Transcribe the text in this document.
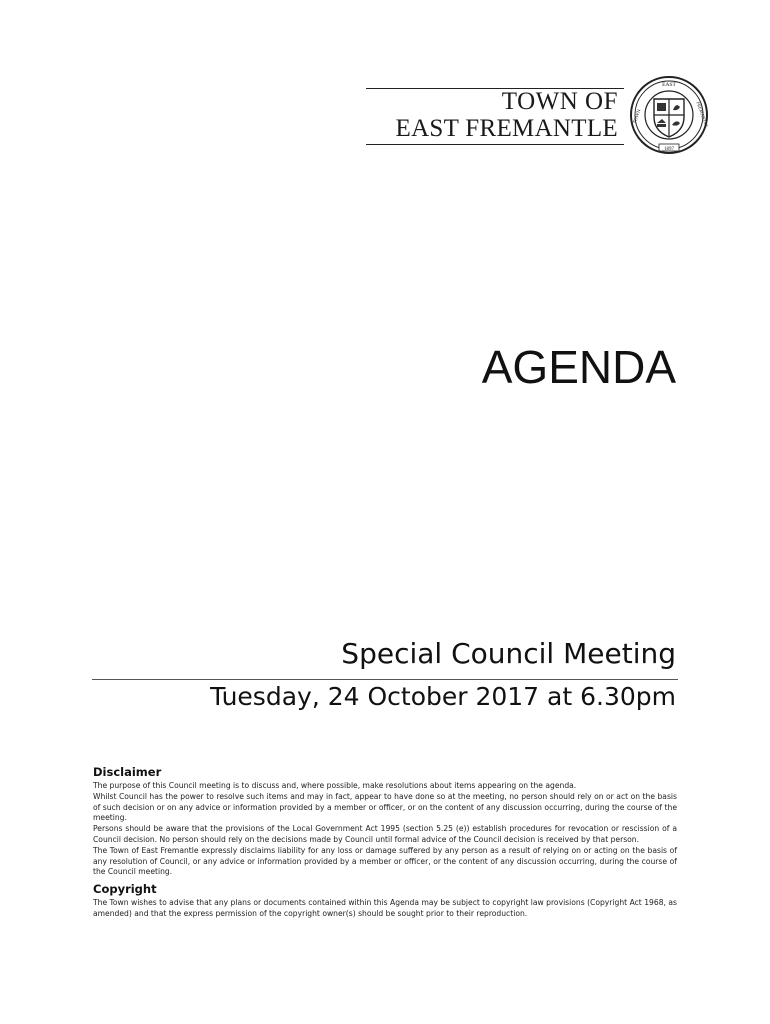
TOWN OF
EAST FREMANTLE
EAST
TOWN	FREMANTLE
1897
AGENDA
Special Council Meeting
Tuesday, 24 October 2017 at 6.30pm
Disclaimer

The purpose of this Council meeting is to discuss and, where possible, make resolutions about items appearing on the agenda.

Whilst Council has the power to resolve such items and may in fact, appear to have done so at the meeting, no person should rely on or act on the basis of such decision or on any advice or information provided by a member or officer, or on the content of any discussion occurring, during the course of the meeting.

Persons should be aware that the provisions of the Local Government Act 1995 (section 5.25 (e)) establish procedures for revocation or rescission of a Council decision. No person should rely on the decisions made by Council until formal advice of the Council decision is received by that person.

The Town of East Fremantle expressly disclaims liability for any loss or damage suffered by any person as a result of relying on or acting on the basis of any resolution of Council, or any advice or information provided by a member or officer, or the content of any discussion occurring, during the course of the Council meeting.

Copyright

The Town wishes to advise that any plans or documents contained within this Agenda may be subject to copyright law provisions (Copyright Act 1968, as amended) and that the express permission of the copyright owner(s) should be sought prior to their reproduction.
